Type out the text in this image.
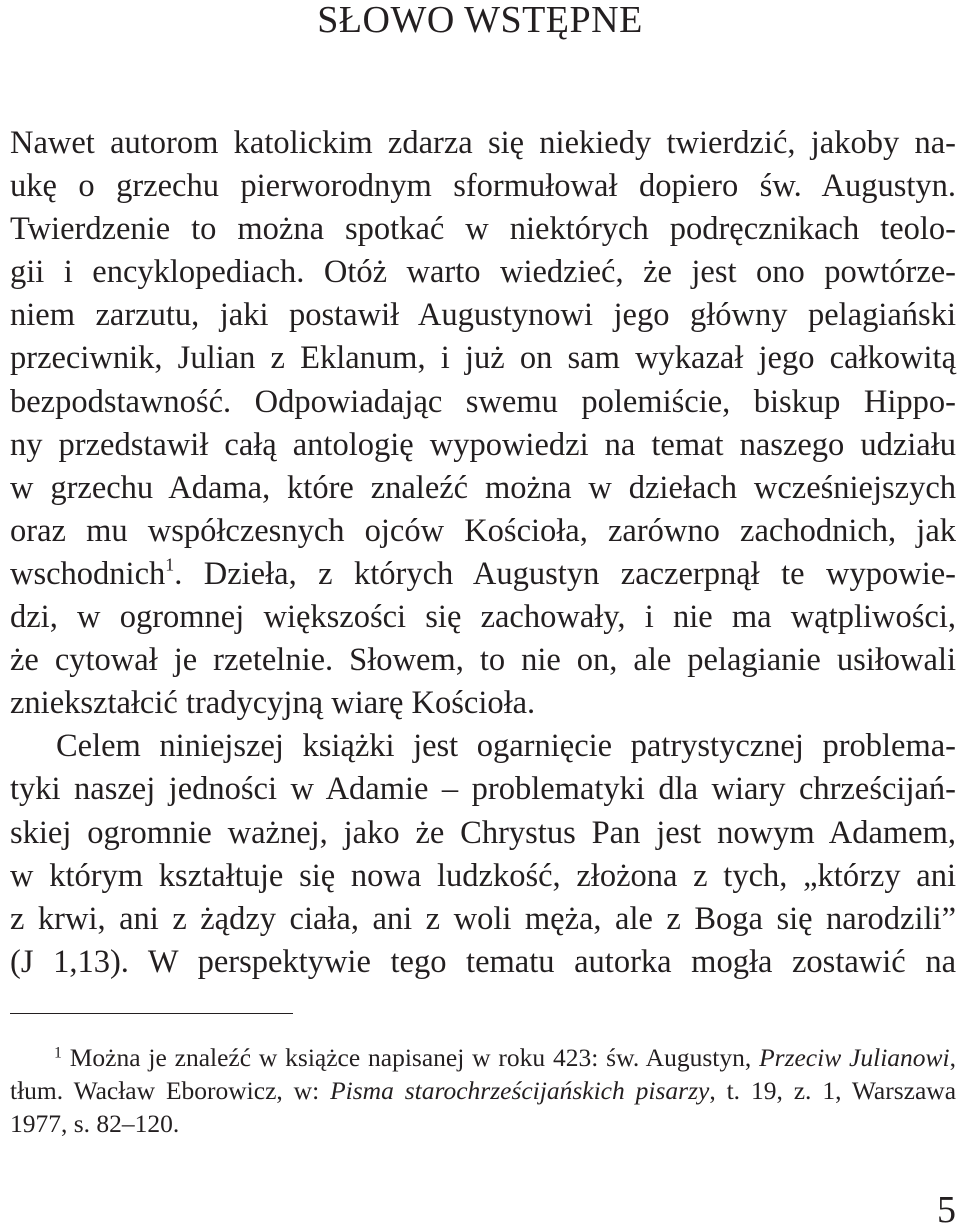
SŁOWO WSTĘPNE

Nawet autorom katolickim zdarza się niekiedy twierdzić, jakoby na-
ukę o grzechu pierworodnym sformułował dopiero św. Augustyn.
Twierdzenie to można spotkać w niektórych podręcznikach teolo-
gii i encyklopediach. Otóż warto wiedzieć, że jest ono powtórze-
niem zarzutu, jaki postawił Augustynowi jego główny pelagiański
przeciwnik, Julian z Eklanum, i już on sam wykazał jego całkowitą
bezpodstawność. Odpowiadając swemu polemiście, biskup Hippo-
ny przedstawił całą antologię wypowiedzi na temat naszego udziału
w grzechu Adama, które znaleźć można w dziełach wcześniejszych
oraz mu współczesnych ojców Kościoła, zarówno zachodnich, jak
wschodnich$^1$. Dzieła, z których Augustyn zaczerpnął te wypowie-
dzi, w ogromnej większości się zachowały, i nie ma wątpliwości,
że cytował je rzetelnie. Słowem, to nie on, ale pelagianie usiłowali
zniekształcić tradycyjną wiarę Kościoła.

Celem niniejszej książki jest ogarnięcie patrystycznej problema-
tyki naszej jedności w Adamie – problematyki dla wiary chrześcijań-
skiej ogromnie ważnej, jako że Chrystus Pan jest nowym Adamem,
w którym kształtuje się nowa ludzkość, złożona z tych, „którzy ani
z krwi, ani z żądzy ciała, ani z woli męża, ale z Boga się narodzili”
(J 1,13). W perspektywie tego tematu autorka mogła zostawić na

$^1$ Można je znaleźć w książce napisanej w roku 423: św. Augustyn, Przeciw Julianowi, tłum. Wacław Eborowicz, w: Pisma starochrześcijańskich pisarzy, t. 19, z. 1, Warszawa 1977, s. 82–120.

5
